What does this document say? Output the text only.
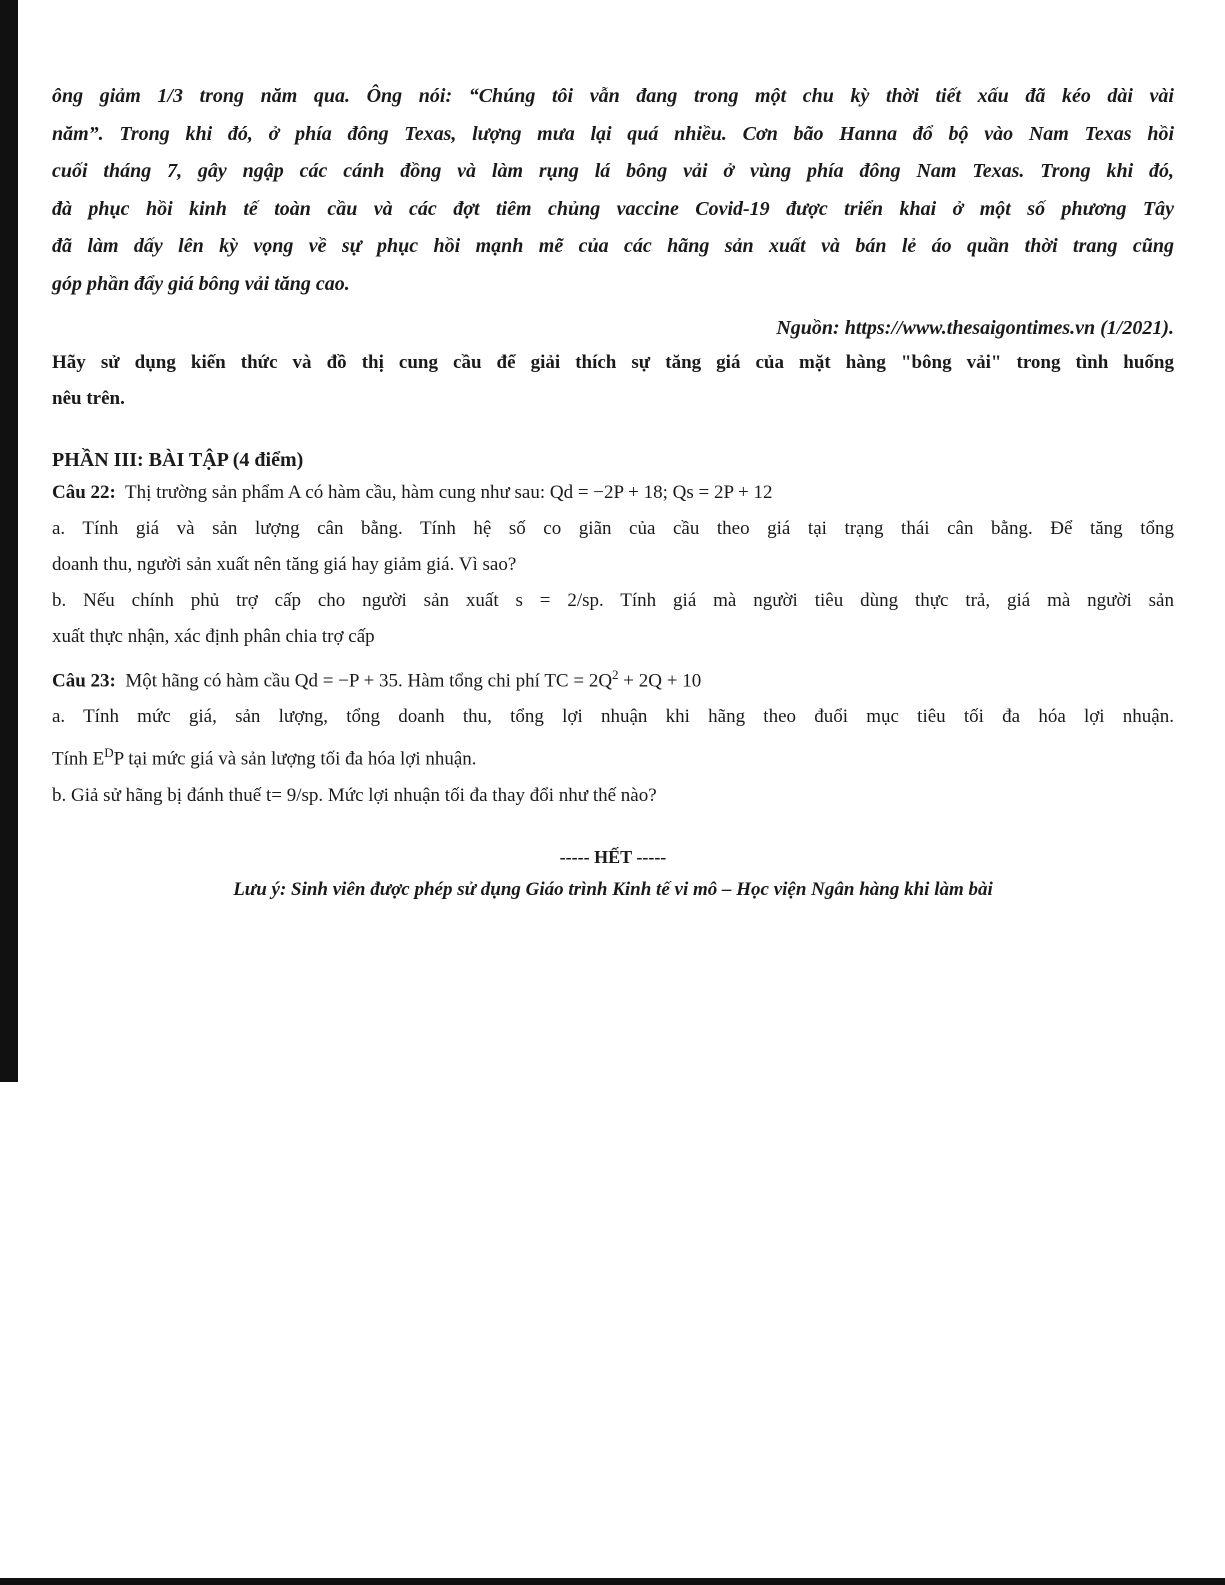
ông giảm 1/3 trong năm qua. Ông nói: “Chúng tôi vẫn đang trong một chu kỳ thời tiết xấu đã kéo dài vài
năm”. Trong khi đó, ở phía đông Texas, lượng mưa lại quá nhiều. Cơn bão Hanna đổ bộ vào Nam Texas hồi
cuối tháng 7, gây ngập các cánh đồng và làm rụng lá bông vải ở vùng phía đông Nam Texas. Trong khi đó,
đà phục hồi kinh tế toàn cầu và các đợt tiêm chủng vaccine Covid-19 được triển khai ở một số phương Tây
đã làm dấy lên kỳ vọng về sự phục hồi mạnh mẽ của các hãng sản xuất và bán lẻ áo quần thời trang cũng
góp phần đẩy giá bông vải tăng cao.
Nguồn: https://www.thesaigontimes.vn (1/2021).
Hãy sử dụng kiến thức và đồ thị cung cầu để giải thích sự tăng giá của mặt hàng "bông vải" trong tình huống
nêu trên.
PHẦN III: BÀI TẬP (4 điểm)

Câu 22: Thị trường sản phẩm A có hàm cầu, hàm cung như sau: Qd = −2P + 18; Qs = 2P + 12

a. Tính giá và sản lượng cân bằng. Tính hệ số co giãn của cầu theo giá tại trạng thái cân bằng. Để tăng tổng

doanh thu, người sản xuất nên tăng giá hay giảm giá. Vì sao?

b. Nếu chính phủ trợ cấp cho người sản xuất s = 2/sp. Tính giá mà người tiêu dùng thực trả, giá mà người sản

xuất thực nhận, xác định phân chia trợ cấp

Câu 23: Một hãng có hàm cầu Qd = −P + 35. Hàm tổng chi phí TC = $2Q^2 + 2Q + 10$

a. Tính mức giá, sản lượng, tổng doanh thu, tổng lợi nhuận khi hãng theo đuổi mục tiêu tối đa hóa lợi nhuận.

Tính $E^DP$ tại mức giá và sản lượng tối đa hóa lợi nhuận.

b. Giả sử hãng bị đánh thuế t= 9/sp. Mức lợi nhuận tối đa thay đổi như thế nào?

----- HẾT -----
Lưu ý: Sinh viên được phép sử dụng Giáo trình Kinh tế vi mô – Học viện Ngân hàng khi làm bài
